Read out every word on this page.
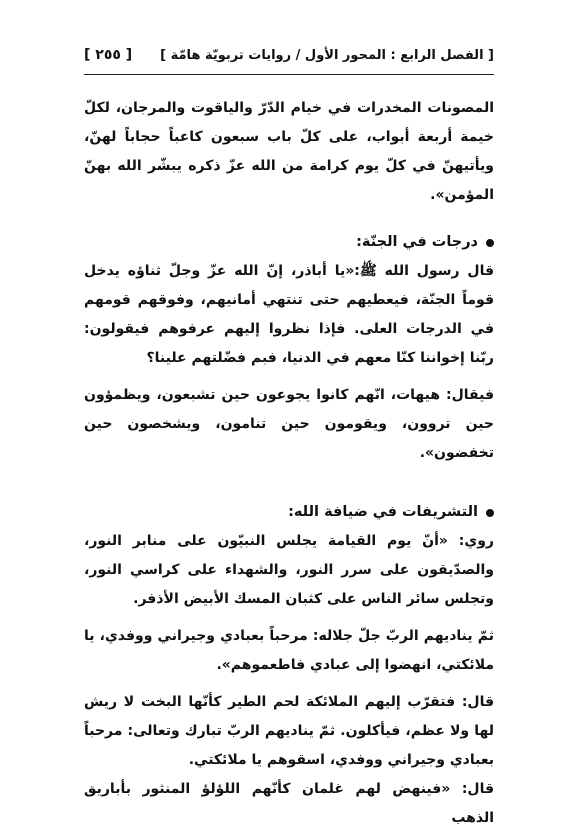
[ الفصل الرابع : المحور الأول / روايات تربويّة هامّة ]
[ ٢٥٥ ]

المصونات المخدرات في خيام الدّرّ والياقوت والمرجان، لكلّ خيمة أربعة أبواب، على كلّ باب سبعون كاعباً حجاباً لهنّ، ويأتيهنّ في كلّ يوم كرامة من الله عزّ ذكره يبشّر الله بهنّ المؤمن».

درجات في الجنّة:

قال رسول الله ﷺ:«يا أباذر، إنّ الله عزّ وجلّ ثناؤه يدخل قوماً الجنّة، فيعطيهم حتى تنتهي أمانيهم، وفوقهم قومهم في الدرجات العلى. فإذا نظروا إليهم عرفوهم فيقولون: ربّنا إخواننا كنّا معهم في الدنيا، فبم فضّلتهم علينا؟

فيقال: هيهات، انّهم كانوا يجوعون حين تشبعون، ويظمؤون حين تروون، ويقومون حين تنامون، ويشخصون حين تخفضون».

التشريفات في ضيافة الله:

روي: «أنّ يوم القيامة يجلس النبيّون على منابر النور، والصدّيقون على سرر النور، والشهداء على كراسي النور، وتجلس سائر الناس على كثبان المسك الأبيض الأذفر.

ثمّ يناديهم الربّ جلّ جلاله: مرحباً بعبادي وجيراني ووفدي، يا ملائكتي، انهضوا إلى عبادي فاطعموهم».

قال: فتقرّب إليهم الملائكة لحم الطير كأنّها البخت لا ريش لها ولا عظم، فيأكلون. ثمّ يناديهم الربّ تبارك وتعالى: مرحباً بعبادي وجيراني ووفدي، اسقوهم يا ملائكتي.

قال: «فينهض لهم غلمان كأنّهم اللؤلؤ المنثور بأباريق الذهب
